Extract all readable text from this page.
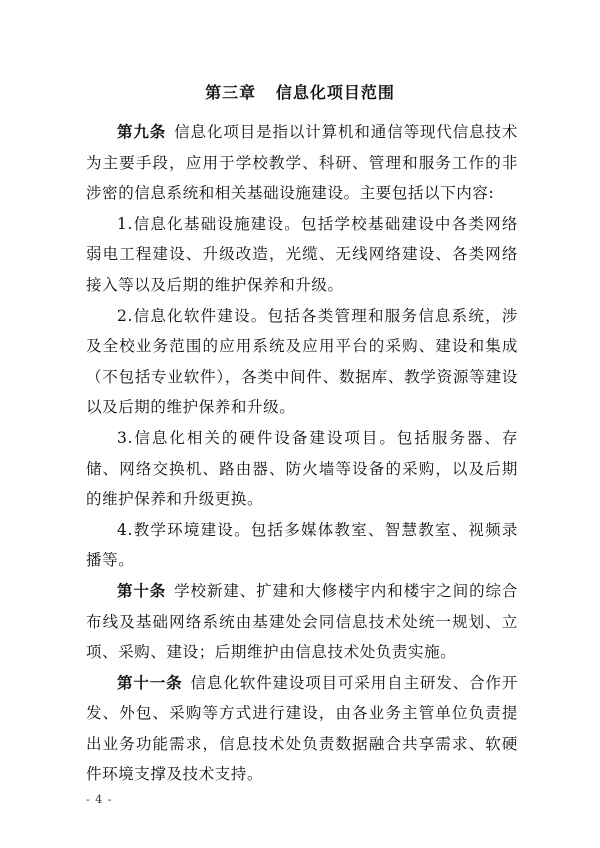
第三章   信息化项目范围

第九条 信息化项目是指以计算机和通信等现代信息技术为主要手段，应用于学校教学、科研、管理和服务工作的非涉密的信息系统和相关基础设施建设。主要包括以下内容:

1.信息化基础设施建设。包括学校基础建设中各类网络弱电工程建设、升级改造，光缆、无线网络建设、各类网络接入等以及后期的维护保养和升级。

2.信息化软件建设。包括各类管理和服务信息系统，涉及全校业务范围的应用系统及应用平台的采购、建设和集成（不包括专业软件），各类中间件、数据库、教学资源等建设以及后期的维护保养和升级。

3.信息化相关的硬件设备建设项目。包括服务器、存储、网络交换机、路由器、防火墙等设备的采购，以及后期的维护保养和升级更换。

4.教学环境建设。包括多媒体教室、智慧教室、视频录播等。

第十条 学校新建、扩建和大修楼宇内和楼宇之间的综合布线及基础网络系统由基建处会同信息技术处统一规划、立项、采购、建设；后期维护由信息技术处负责实施。

第十一条 信息化软件建设项目可采用自主研发、合作开发、外包、采购等方式进行建设，由各业务主管单位负责提出业务功能需求，信息技术处负责数据融合共享需求、软硬件环境支撑及技术支持。

- 4 -
